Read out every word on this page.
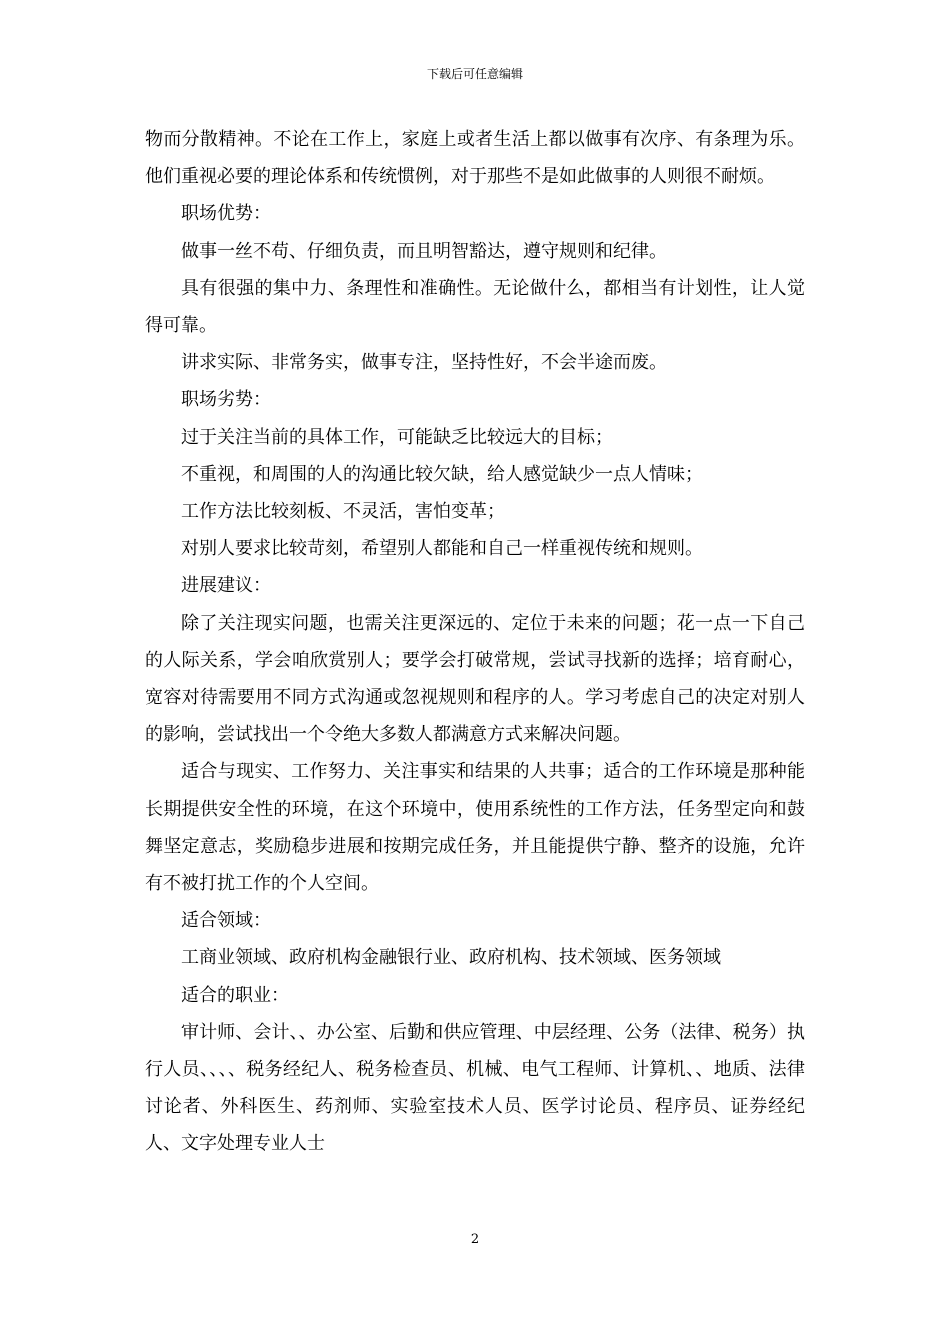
下载后可任意编辑

物而分散精神。不论在工作上，家庭上或者生活上都以做事有次序、有条理为乐。他们重视必要的理论体系和传统惯例，对于那些不是如此做事的人则很不耐烦。

职场优势：

做事一丝不苟、仔细负责，而且明智豁达，遵守规则和纪律。

具有很强的集中力、条理性和准确性。无论做什么，都相当有计划性，让人觉得可靠。

讲求实际、非常务实，做事专注，坚持性好，不会半途而废。

职场劣势：

过于关注当前的具体工作，可能缺乏比较远大的目标；

不重视，和周围的人的沟通比较欠缺，给人感觉缺少一点人情味；

工作方法比较刻板、不灵活，害怕变革；

对别人要求比较苛刻，希望别人都能和自己一样重视传统和规则。

进展建议：

除了关注现实问题，也需关注更深远的、定位于未来的问题；花一点一下自己的人际关系，学会咱欣赏别人；要学会打破常规，尝试寻找新的选择；培育耐心，宽容对待需要用不同方式沟通或忽视规则和程序的人。学习考虑自己的决定对别人的影响，尝试找出一个令绝大多数人都满意方式来解决问题。

适合与现实、工作努力、关注事实和结果的人共事；适合的工作环境是那种能长期提供安全性的环境，在这个环境中，使用系统性的工作方法，任务型定向和鼓舞坚定意志，奖励稳步进展和按期完成任务，并且能提供宁静、整齐的设施，允许有不被打扰工作的个人空间。

适合领域：

工商业领域、政府机构金融银行业、政府机构、技术领域、医务领域

适合的职业：

审计师、会计、、办公室、后勤和供应管理、中层经理、公务（法律、税务）执行人员、、、、税务经纪人、税务检查员、机械、电气工程师、计算机、、地质、法律讨论者、外科医生、药剂师、实验室技术人员、医学讨论员、程序员、证券经纪人、文字处理专业人士

2
